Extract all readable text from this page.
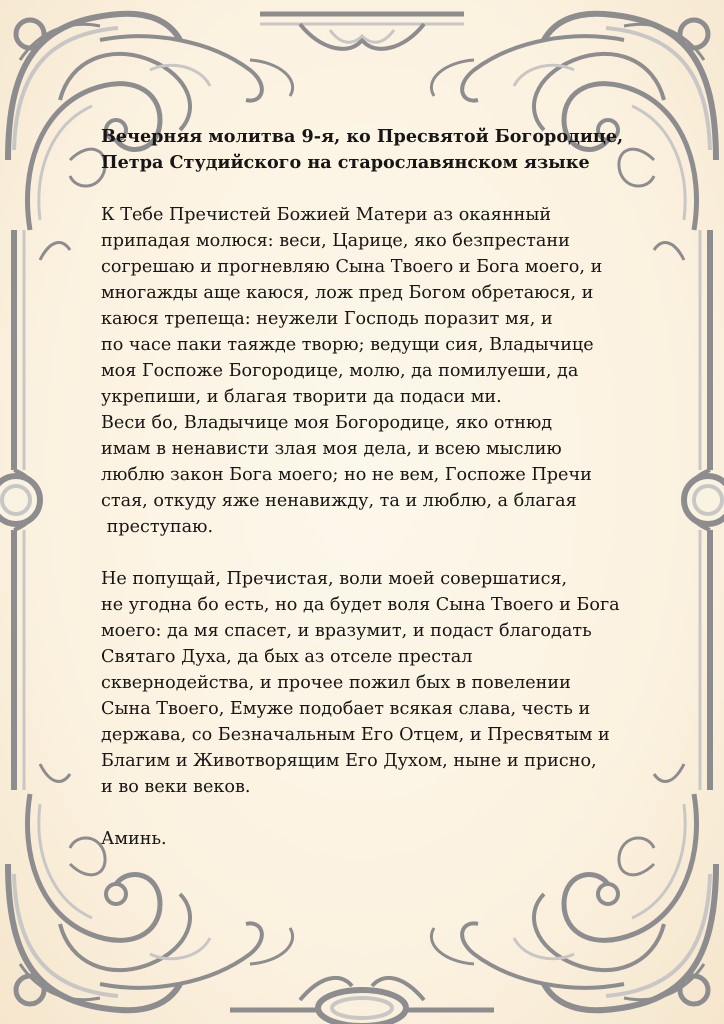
Вечерняя молитва 9-я, ко Пресвятой Богородице,

Петра Студийского на старославянском языке

К Тебе Пречистей Божией Матери аз окаянный

припадая молюся: веси, Царице, яко безпрестани

согрешаю и прогневляю Сына Твоего и Бога моего, и

многажды аще каюся, лож пред Богом обретаюся, и

каюся трепеща: неужели Господь поразит мя, и

по часе паки таяжде творю; ведущи сия, Владычице

моя Госпоже Богородице, молю, да помилуеши, да

укрепиши, и благая творити да подаси ми.

Веси бо, Владычице моя Богородице, яко отнюд

имам в ненависти злая моя дела, и всею мыслию

люблю закон Бога моего; но не вем, Госпоже Пречи

стая, откуду яже ненавижду, та и люблю, а благая

преступаю.

Не попущай, Пречистая, воли моей совершатися,

не угодна бо есть, но да будет воля Сына Твоего и Бога

моего: да мя спасет, и вразумит, и подаст благодать

Святаго Духа, да бых аз отселе престал

сквернодейства, и прочее пожил бых в повелении

Сына Твоего, Емуже подобает всякая слава, честь и

держава, со Безначальным Его Отцем, и Пресвятым и

Благим и Животворящим Его Духом, ныне и присно,

и во веки веков.

Аминь.
